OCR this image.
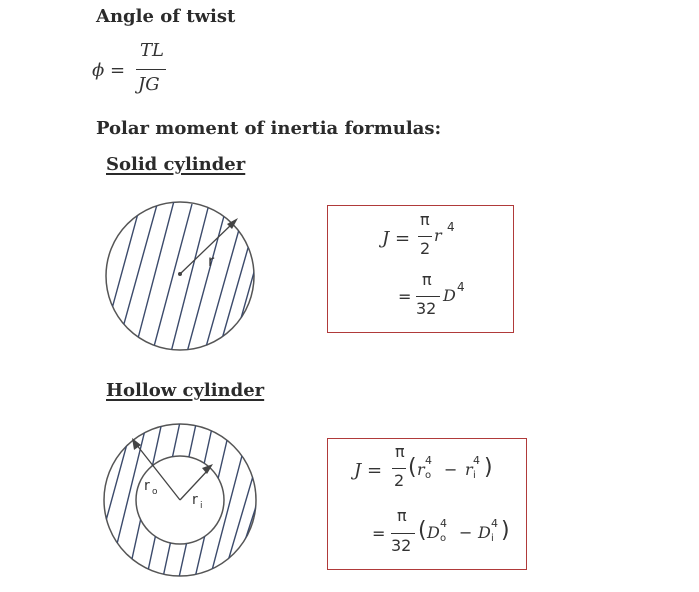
Angle of twist
ϕ =
TL
JG
Polar moment of inertia formulas:
Solid cylinder
r
J =
π
2
r 4
=
π
32
D 4
Hollow cylinder
r o r i
J =
π
2
( r 4
o − r 4
i )
=
π
32
( D 4
o − D 4
i )
